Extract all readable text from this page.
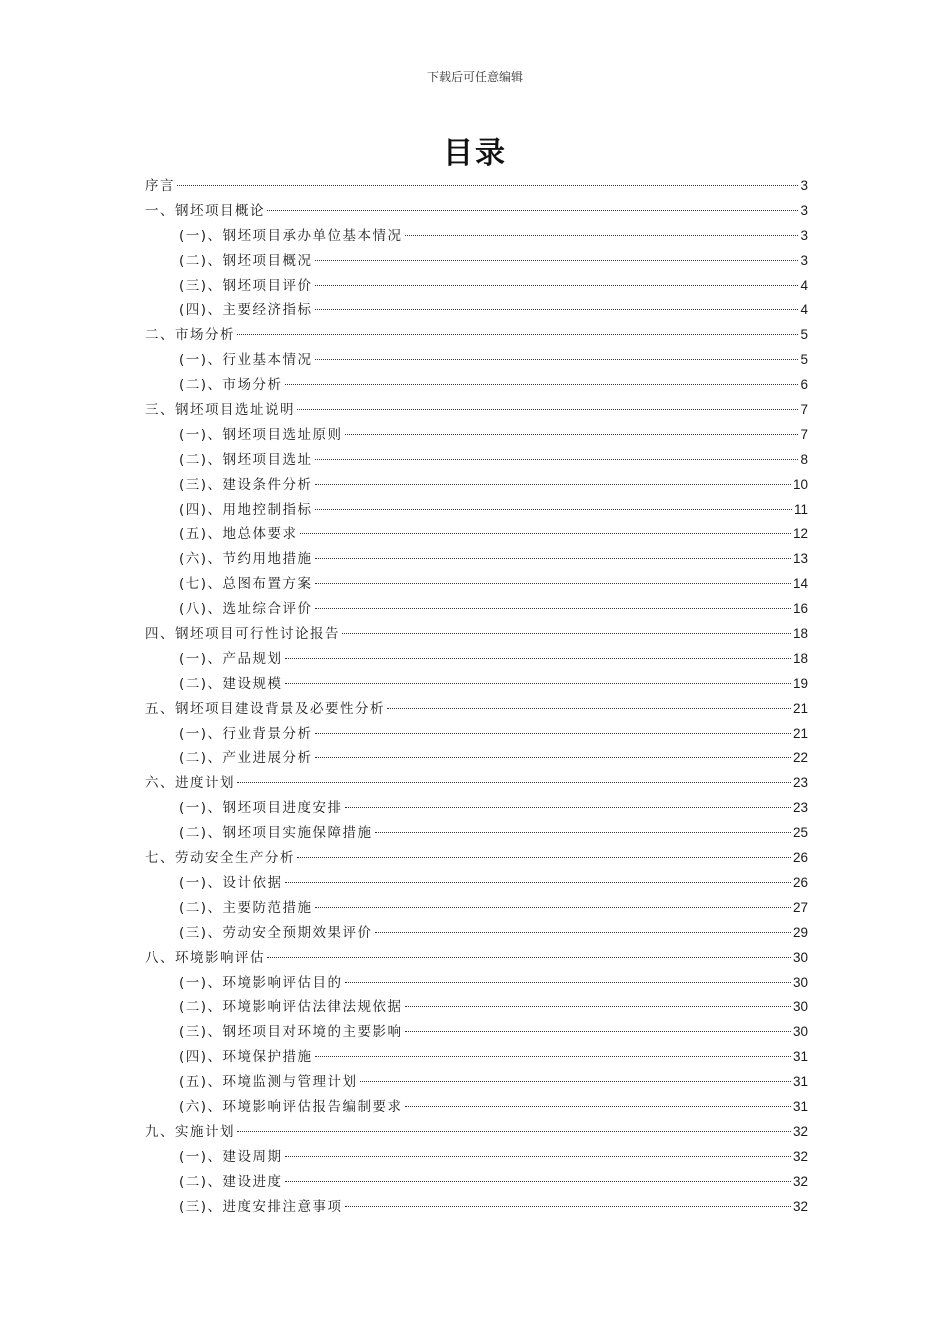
下载后可任意编辑
目录
序言	3
一、钢坯项目概论	3
(一)、钢坯项目承办单位基本情况	3
(二)、钢坯项目概况	3
(三)、钢坯项目评价	4
(四)、主要经济指标	4
二、市场分析	5
(一)、行业基本情况	5
(二)、市场分析	6
三、钢坯项目选址说明	7
(一)、钢坯项目选址原则	7
(二)、钢坯项目选址	8
(三)、建设条件分析	10
(四)、用地控制指标	11
(五)、地总体要求	12
(六)、节约用地措施	13
(七)、总图布置方案	14
(八)、选址综合评价	16
四、钢坯项目可行性讨论报告	18
(一)、产品规划	18
(二)、建设规模	19
五、钢坯项目建设背景及必要性分析	21
(一)、行业背景分析	21
(二)、产业进展分析	22
六、进度计划	23
(一)、钢坯项目进度安排	23
(二)、钢坯项目实施保障措施	25
七、劳动安全生产分析	26
(一)、设计依据	26
(二)、主要防范措施	27
(三)、劳动安全预期效果评价	29
八、环境影响评估	30
(一)、环境影响评估目的	30
(二)、环境影响评估法律法规依据	30
(三)、钢坯项目对环境的主要影响	30
(四)、环境保护措施	31
(五)、环境监测与管理计划	31
(六)、环境影响评估报告编制要求	31
九、实施计划	32
(一)、建设周期	32
(二)、建设进度	32
(三)、进度安排注意事项	32
